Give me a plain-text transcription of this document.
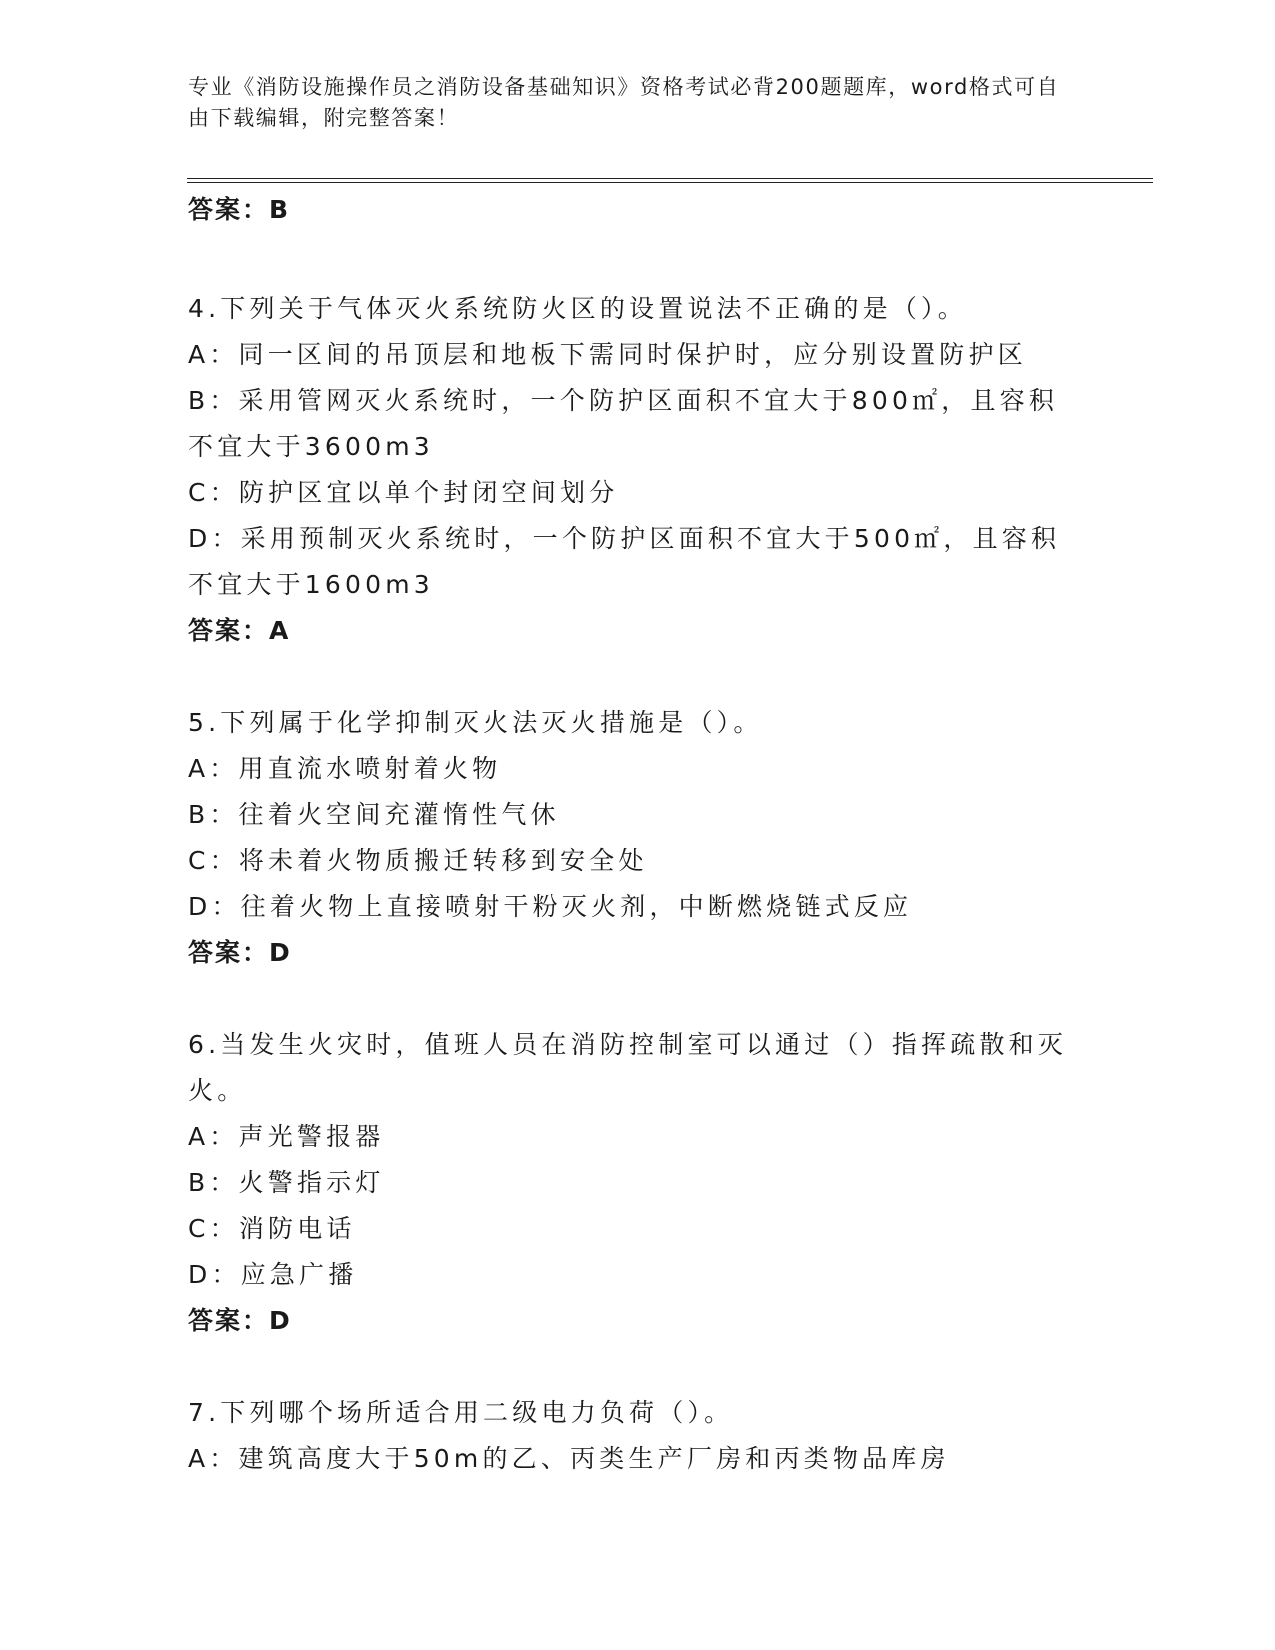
专业《消防设施操作员之消防设备基础知识》资格考试必背200题题库，word格式可自由下载编辑，附完整答案！
答案：B
4.下列关于气体灭火系统防火区的设置说法不正确的是（）。
A：同一区间的吊顶层和地板下需同时保护时，应分别设置防护区
B：采用管网灭火系统时，一个防护区面积不宜大于800㎡，且容积不宜大于3600m3
C：防护区宜以单个封闭空间划分
D：采用预制灭火系统时，一个防护区面积不宜大于500㎡，且容积不宜大于1600m3
答案：A
5.下列属于化学抑制灭火法灭火措施是（）。
A：用直流水喷射着火物
B：往着火空间充灌惰性气休
C：将未着火物质搬迁转移到安全处
D：往着火物上直接喷射干粉灭火剂，中断燃烧链式反应
答案：D
6.当发生火灾时，值班人员在消防控制室可以通过（）指挥疏散和灭火。
A：声光警报器
B：火警指示灯
C：消防电话
D：应急广播
答案：D
7.下列哪个场所适合用二级电力负荷（）。
A：建筑高度大于50m的乙、丙类生产厂房和丙类物品库房
